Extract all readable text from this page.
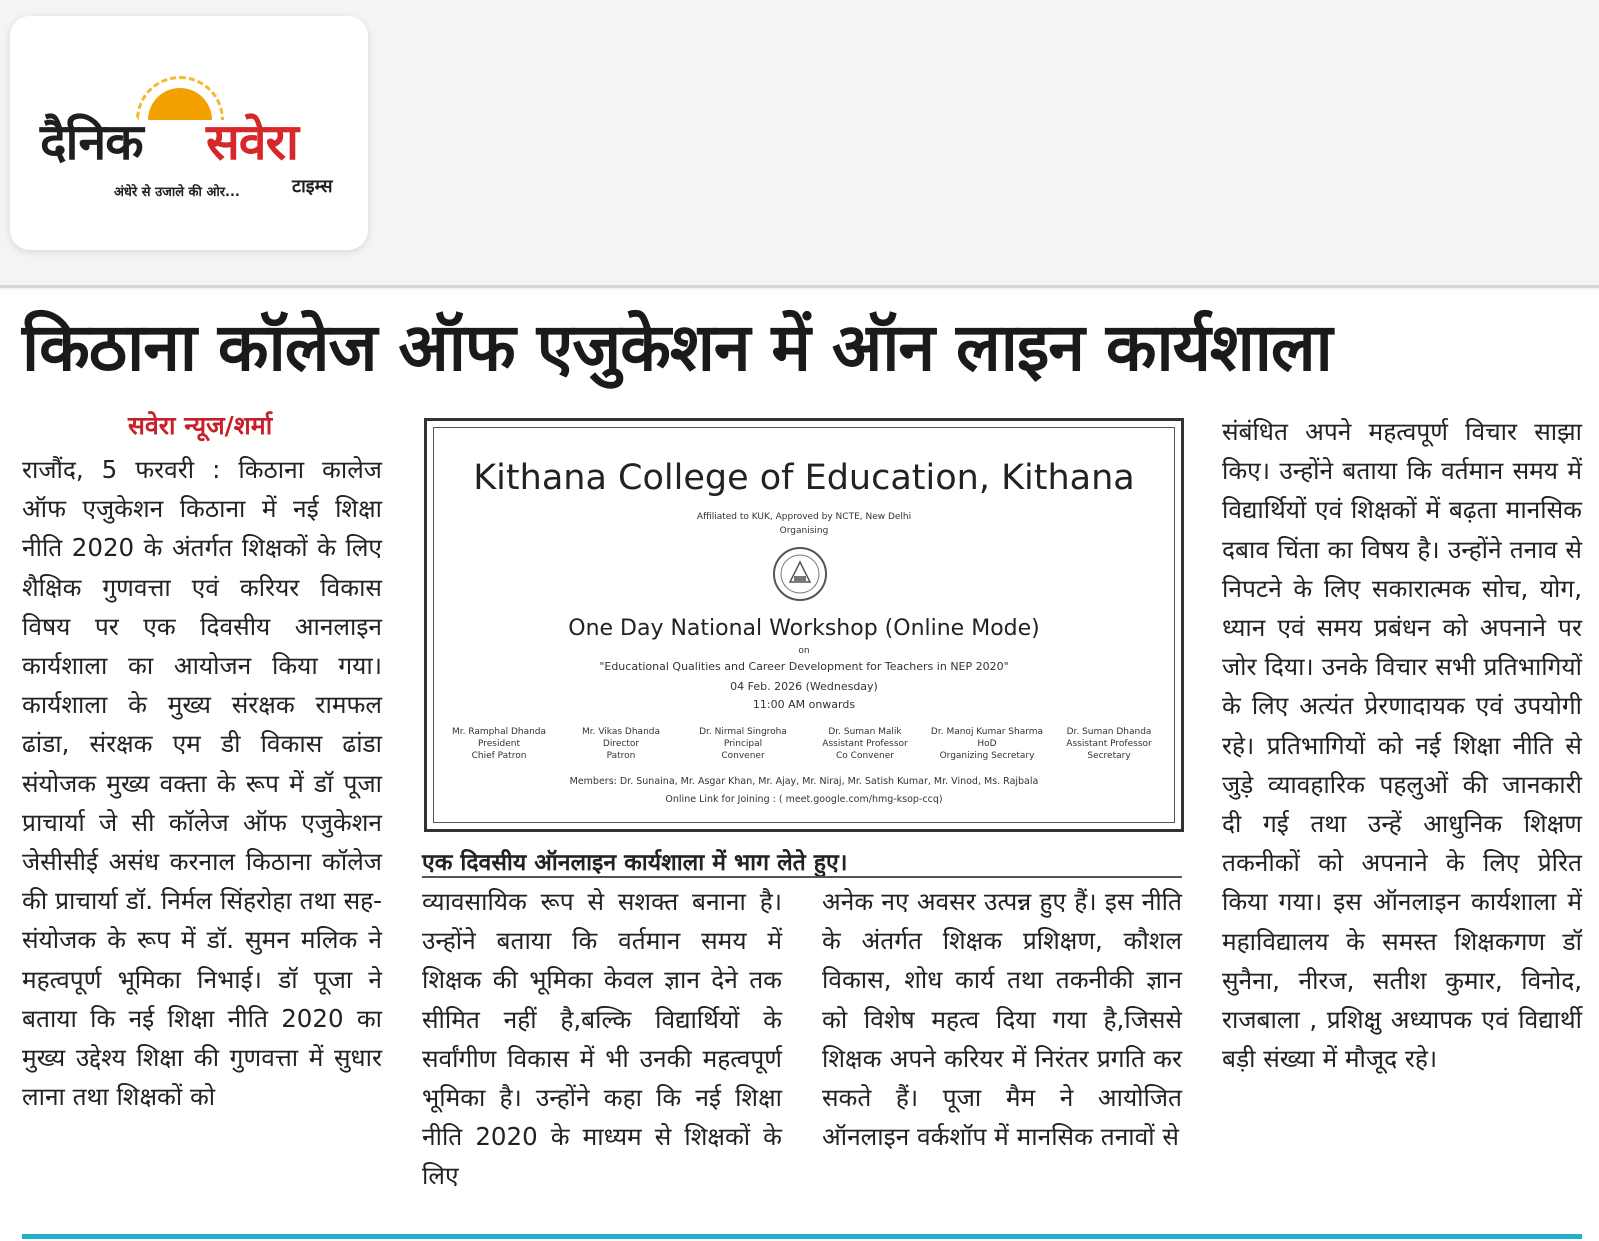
दैनिक सवेरा
अंधेरे से उजाले की ओर...	टाइम्स
किठाना कॉलेज ऑफ एजुकेशन में ऑन लाइन कार्यशाला
सवेरा न्यूज/शर्मा
राजौंद, 5 फरवरी : किठाना कालेज ऑफ एजुकेशन किठाना में नई शिक्षा नीति 2020 के अंतर्गत शिक्षकों के लिए शैक्षिक गुणवत्ता एवं करियर विकास विषय पर एक दिवसीय आनलाइन कार्यशाला का आयोजन किया गया। कार्यशाला के मुख्य संरक्षक रामफल ढांडा, संरक्षक एम डी विकास ढांडा संयोजक मुख्य वक्ता के रूप में डॉ पूजा प्राचार्या जे सी कॉलेज ऑफ एजुकेशन जेसीसीई असंध करनाल किठाना कॉलेज की प्राचार्या डॉ. निर्मल सिंहरोहा तथा सह-संयोजक के रूप में डॉ. सुमन मलिक ने महत्वपूर्ण भूमिका निभाई। डॉ पूजा ने बताया कि नई शिक्षा नीति 2020 का मुख्य उद्देश्य शिक्षा की गुणवत्ता में सुधार लाना तथा शिक्षकों को
Kithana College of Education, Kithana
Affiliated to KUK, Approved by NCTE, New Delhi
Organising
One Day National Workshop (Online Mode)
on
"Educational Qualities and Career Development for Teachers in NEP 2020"
04 Feb. 2026 (Wednesday)
11:00 AM onwards
Mr. Ramphal Dhanda
President
Chief Patron
Mr. Vikas Dhanda
Director
Patron
Dr. Nirmal Singroha
Principal
Convener
Dr. Suman Malik
Assistant Professor
Co Convener
Dr. Manoj Kumar Sharma
HoD
Organizing Secretary
Dr. Suman Dhanda
Assistant Professor
Secretary
Members: Dr. Sunaina, Mr. Asgar Khan, Mr. Ajay, Mr. Niraj, Mr. Satish Kumar, Mr. Vinod, Ms. Rajbala
Online Link for Joining : ( meet.google.com/hmg-ksop-ccq)
एक दिवसीय ऑनलाइन कार्यशाला में भाग लेते हुए।
व्यावसायिक रूप से सशक्त बनाना है। उन्होंने बताया कि वर्तमान समय में शिक्षक की भूमिका केवल ज्ञान देने तक सीमित नहीं है,बल्कि विद्यार्थियों के सर्वांगीण विकास में भी उनकी महत्वपूर्ण भूमिका है। उन्होंने कहा कि नई शिक्षा नीति 2020 के माध्यम से शिक्षकों के लिए
अनेक नए अवसर उत्पन्न हुए हैं। इस नीति के अंतर्गत शिक्षक प्रशिक्षण, कौशल विकास, शोध कार्य तथा तकनीकी ज्ञान को विशेष महत्व दिया गया है,जिससे शिक्षक अपने करियर में निरंतर प्रगति कर सकते हैं। पूजा मैम ने आयोजित ऑनलाइन वर्कशॉप में मानसिक तनावों से
संबंधित अपने महत्वपूर्ण विचार साझा किए। उन्होंने बताया कि वर्तमान समय में विद्यार्थियों एवं शिक्षकों में बढ़ता मानसिक दबाव चिंता का विषय है। उन्होंने तनाव से निपटने के लिए सकारात्मक सोच, योग, ध्यान एवं समय प्रबंधन को अपनाने पर जोर दिया। उनके विचार सभी प्रतिभागियों के लिए अत्यंत प्रेरणादायक एवं उपयोगी रहे। प्रतिभागियों को नई शिक्षा नीति से जुड़े व्यावहारिक पहलुओं की जानकारी दी गई तथा उन्हें आधुनिक शिक्षण तकनीकों को अपनाने के लिए प्रेरित किया गया। इस ऑनलाइन कार्यशाला में महाविद्यालय के समस्त शिक्षकगण डॉ सुनैना, नीरज, सतीश कुमार, विनोद, राजबाला , प्रशिक्षु अध्यापक एवं विद्यार्थी बड़ी संख्या में मौजूद रहे।
